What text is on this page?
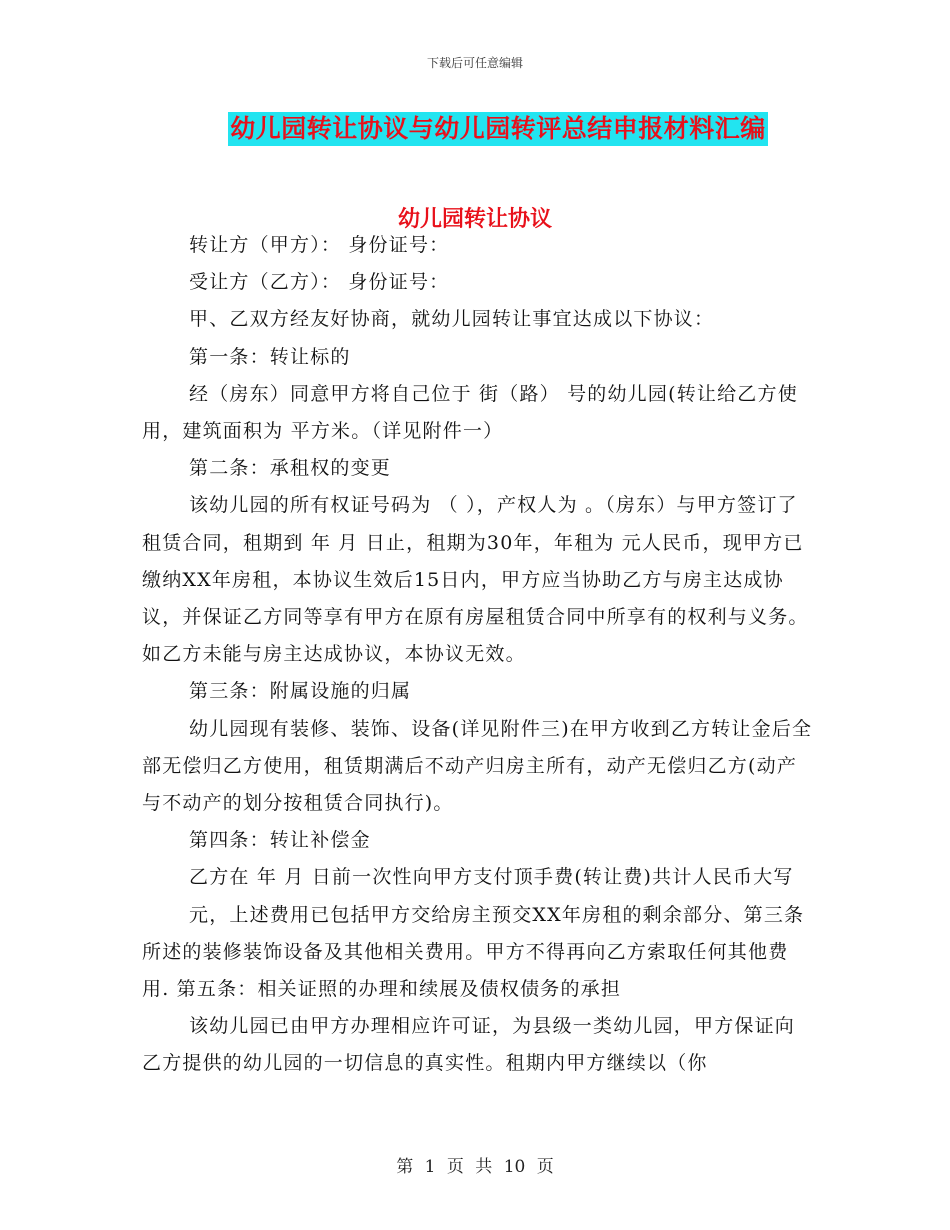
下载后可任意编辑
幼儿园转让协议与幼儿园转评总结申报材料汇编
幼儿园转让协议

转让方（甲方）： 身份证号：

受让方（乙方）： 身份证号：

甲、乙双方经友好协商，就幼儿园转让事宜达成以下协议：

第一条：转让标的

经（房东）同意甲方将自己位于 街（路） 号的幼儿园(转让给乙方使用，建筑面积为 平方米。（详见附件一）

第二条：承租权的变更

该幼儿园的所有权证号码为 （ ），产权人为 。（房东）与甲方签订了租赁合同，租期到 年 月 日止，租期为30年，年租为 元人民币，现甲方已缴纳XX年房租，本协议生效后15日内，甲方应当协助乙方与房主达成协议，并保证乙方同等享有甲方在原有房屋租赁合同中所享有的权利与义务。如乙方未能与房主达成协议，本协议无效。

第三条：附属设施的归属

幼儿园现有装修、装饰、设备(详见附件三)在甲方收到乙方转让金后全部无偿归乙方使用，租赁期满后不动产归房主所有，动产无偿归乙方(动产与不动产的划分按租赁合同执行)。

第四条：转让补偿金

乙方在 年 月 日前一次性向甲方支付顶手费(转让费)共计人民币大写

元，上述费用已包括甲方交给房主预交XX年房租的剩余部分、第三条所述的装修装饰设备及其他相关费用。甲方不得再向乙方索取任何其他费用. 第五条：相关证照的办理和续展及债权债务的承担

该幼儿园已由甲方办理相应许可证，为县级一类幼儿园，甲方保证向乙方提供的幼儿园的一切信息的真实性。租期内甲方继续以（你

第 1 页 共 10 页
